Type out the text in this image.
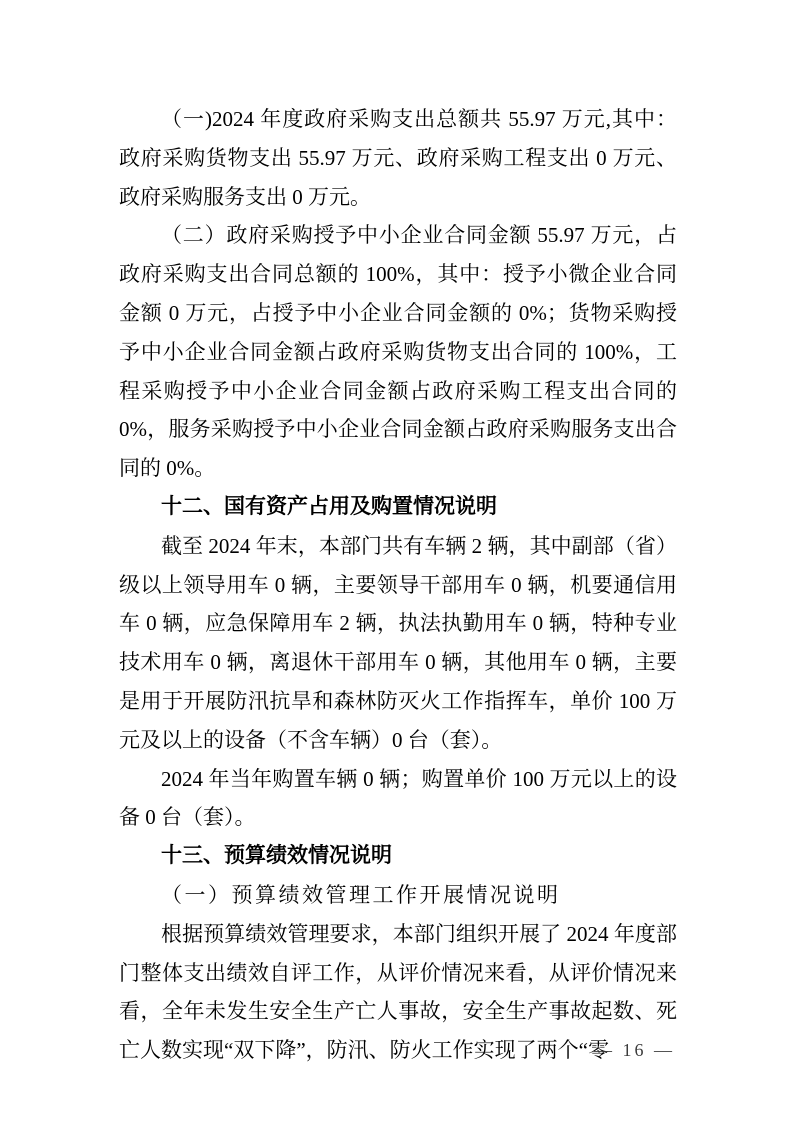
（一)2024 年度政府采购支出总额共 55.97 万元,其中：政府采购货物支出 55.97 万元、政府采购工程支出 0 万元、政府采购服务支出 0 万元。

（二）政府采购授予中小企业合同金额 55.97 万元，占政府采购支出合同总额的 100%，其中：授予小微企业合同金额 0 万元，占授予中小企业合同金额的 0%；货物采购授予中小企业合同金额占政府采购货物支出合同的 100%，工程采购授予中小企业合同金额占政府采购工程支出合同的 0%，服务采购授予中小企业合同金额占政府采购服务支出合同的 0%。

十二、国有资产占用及购置情况说明

截至 2024 年末，本部门共有车辆 2 辆，其中副部（省）级以上领导用车 0 辆，主要领导干部用车 0 辆，机要通信用车 0 辆，应急保障用车 2 辆，执法执勤用车 0 辆，特种专业技术用车 0 辆，离退休干部用车 0 辆，其他用车 0 辆，主要是用于开展防汛抗旱和森林防灭火工作指挥车，单价 100 万元及以上的设备（不含车辆）0 台（套）。

2024 年当年购置车辆 0 辆；购置单价 100 万元以上的设备 0 台（套）。

十三、预算绩效情况说明

（一）预算绩效管理工作开展情况说明

根据预算绩效管理要求，本部门组织开展了 2024 年度部门整体支出绩效自评工作，从评价情况来看，从评价情况来看，全年未发生安全生产亡人事故，安全生产事故起数、死亡人数实现“双下降”，防汛、防火工作实现了两个“零

— 16 —
